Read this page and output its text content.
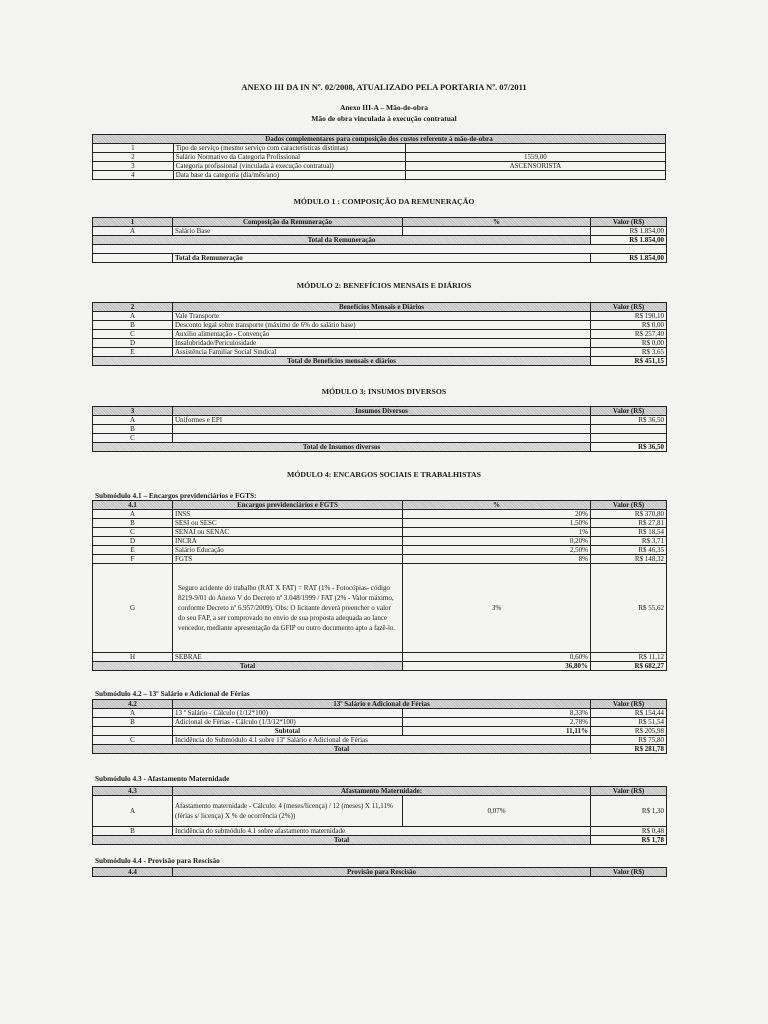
ANEXO III DA IN Nº. 02/2008, ATUALIZADO PELA PORTARIA Nº. 07/2011
Anexo III-A – Mão-de-obra
Mão de obra vinculada à execução contratual
Dados complementares para composição dos custos referente à mão-de-obra		
1	Tipo de serviço (mesmo serviço com características distintas)	
2	Salário Normativo da Categoria Profissional	1559,00
3	Categoria profissional (vinculada à execução contratual)	ASCENSORISTA
4	Data base da categoria (dia/mês/ano)	
MÓDULO 1 : COMPOSIÇÃO DA REMUNERAÇÃO
1	Composição da Remuneração	%	Valor (R$)
A	Salário Base		R$ 1.854,00
Total da Remuneração			R$ 1.854,00

	Total da Remuneração		R$ 1.854,00
MÓDULO 2: BENEFÍCIOS MENSAIS E DIÁRIOS
2	Benefícios Mensais e Diários	Valor (R$)
A	Vale Transporte	R$ 190,10
B	Desconto legal sobre transporte (máximo de 6% do salário base)	R$ 0,00
C	Auxílio alimentação - Convenção	R$ 257,40
D	Insalubridade/Periculosidade	R$ 0,00
E	Assistência Familiar Social Sindical	R$ 3,65
Total de Benefícios mensais e diários		R$ 451,15
MÓDULO 3: INSUMOS DIVERSOS
3	Insumos Diversos	Valor (R$)
A	Uniformes e EPI	R$ 36,50
B		
C		
Total de Insumos diversos		R$ 36,50
MÓDULO 4: ENCARGOS SOCIAIS E TRABALHISTAS
Submódulo 4.1 – Encargos previdenciários e FGTS:
4.1	Encargos previdenciários e FGTS	%	Valor (R$)
A	INSS	20%	R$ 370,80
B	SESI ou SESC	1,50%	R$ 27,81
C	SENAI ou SENAC	1%	R$ 18,54
D	INCRA	0,20%	R$ 3,71
E	Salário Educação	2,50%	R$ 46,35
F	FGTS	8%	R$ 148,32
G	Seguro acidente do trabalho (RAT X FAT) = RAT (1% - Fotocópias- código 8219-9/01 do Anexo V do Decreto nº 3.048/1999 / FAT (2% - Valor máximo, conforme Decreto nº 6.957/2009). Obs: O licitante deverá preencher o valor do seu FAP, a ser comprovado no envio de sua proposta adequada ao lance vencedor, mediante apresentação da GFIP ou outro documento apto a fazê-lo.	3%	R$ 55,62
H	SEBRAE	0,60%	R$ 11,12
Total		36,80%	R$ 682,27
Submódulo 4.2 – 13º Salário e Adicional de Férias
4.2	13º Salário e Adicional de Férias		Valor (R$)
A	13 º Salário - Cálculo (1/12*100)	8,33%	R$ 154,44
B	Adicional de Férias - Cálculo (1/3/12*100)	2,78%	R$ 51,54
	Subtotal	11,11%	R$ 205,98
C	Incidência do Submódulo 4.1 sobre 13º Salário e Adicional de Férias		R$ 75,80
Total			R$ 281,78
Submódulo 4.3 - Afastamento Maternidade
4.3	Afastamento Maternidade:		Valor (R$)
A	Afastamento maternidade - Cálculo: 4 (meses/licença) / 12 (meses) X 11,11% (férias s/ licença) X % de ocorrência (2%))	0,07%	R$ 1,30
B	Incidência do submódulo 4.1 sobre afastamento maternidade		R$ 0,48
Total			R$ 1,78
Submódulo 4.4 - Provisão para Rescisão
4.4	Provisão para Rescisão	Valor (R$)
